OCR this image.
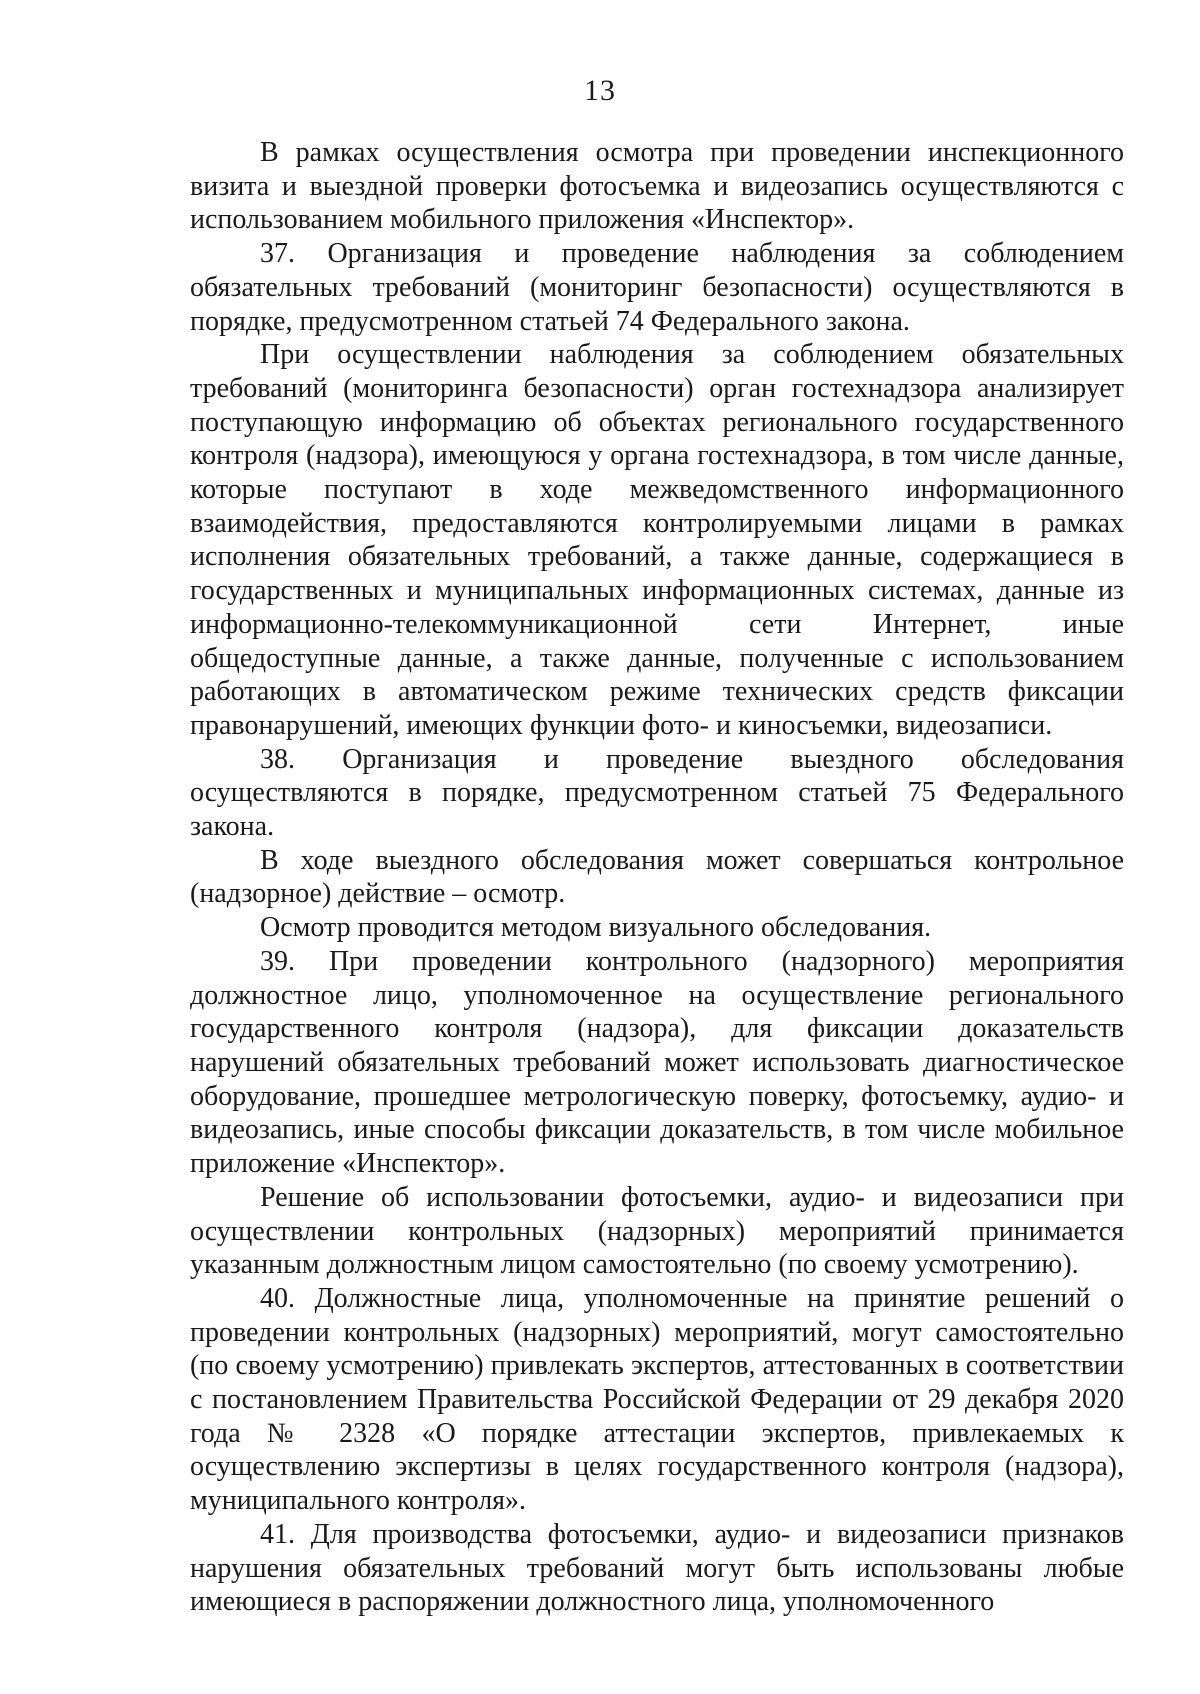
13

В рамках осуществления осмотра при проведении инспекционного визита и выездной проверки фотосъемка и видеозапись осуществляются с использованием мобильного приложения «Инспектор».

37. Организация и проведение наблюдения за соблюдением обязательных требований (мониторинг безопасности) осуществляются в порядке, предусмотренном статьей 74 Федерального закона.

При осуществлении наблюдения за соблюдением обязательных требований (мониторинга безопасности) орган гостехнадзора анализирует поступающую информацию об объектах регионального государственного контроля (надзора), имеющуюся у органа гостехнадзора, в том числе данные, которые поступают в ходе межведомственного информационного взаимодействия, предоставляются контролируемыми лицами в рамках исполнения обязательных требований, а также данные, содержащиеся в государственных и муниципальных информационных системах, данные из информационно-телекоммуникационной сети Интернет, иные общедоступные данные, а также данные, полученные с использованием работающих в автоматическом режиме технических средств фиксации правонарушений, имеющих функции фото- и киносъемки, видеозаписи.

38. Организация и проведение выездного обследования осуществляются в порядке, предусмотренном статьей 75 Федерального закона.

В ходе выездного обследования может совершаться контрольное (надзорное) действие – осмотр.

Осмотр проводится методом визуального обследования.

39. При проведении контрольного (надзорного) мероприятия должностное лицо, уполномоченное на осуществление регионального государственного контроля (надзора), для фиксации доказательств нарушений обязательных требований может использовать диагностическое оборудование, прошедшее метрологическую поверку, фотосъемку, аудио- и видеозапись, иные способы фиксации доказательств, в том числе мобильное приложение «Инспектор».

Решение об использовании фотосъемки, аудио- и видеозаписи при осуществлении контрольных (надзорных) мероприятий принимается указанным должностным лицом самостоятельно (по своему усмотрению).

40. Должностные лица, уполномоченные на принятие решений о проведении контрольных (надзорных) мероприятий, могут самостоятельно (по своему усмотрению) привлекать экспертов, аттестованных в соответствии с постановлением Правительства Российской Федерации от 29 декабря 2020 года № 2328 «О порядке аттестации экспертов, привлекаемых к осуществлению экспертизы в целях государственного контроля (надзора), муниципального контроля».

41. Для производства фотосъемки, аудио- и видеозаписи признаков нарушения обязательных требований могут быть использованы любые имеющиеся в распоряжении должностного лица, уполномоченного
